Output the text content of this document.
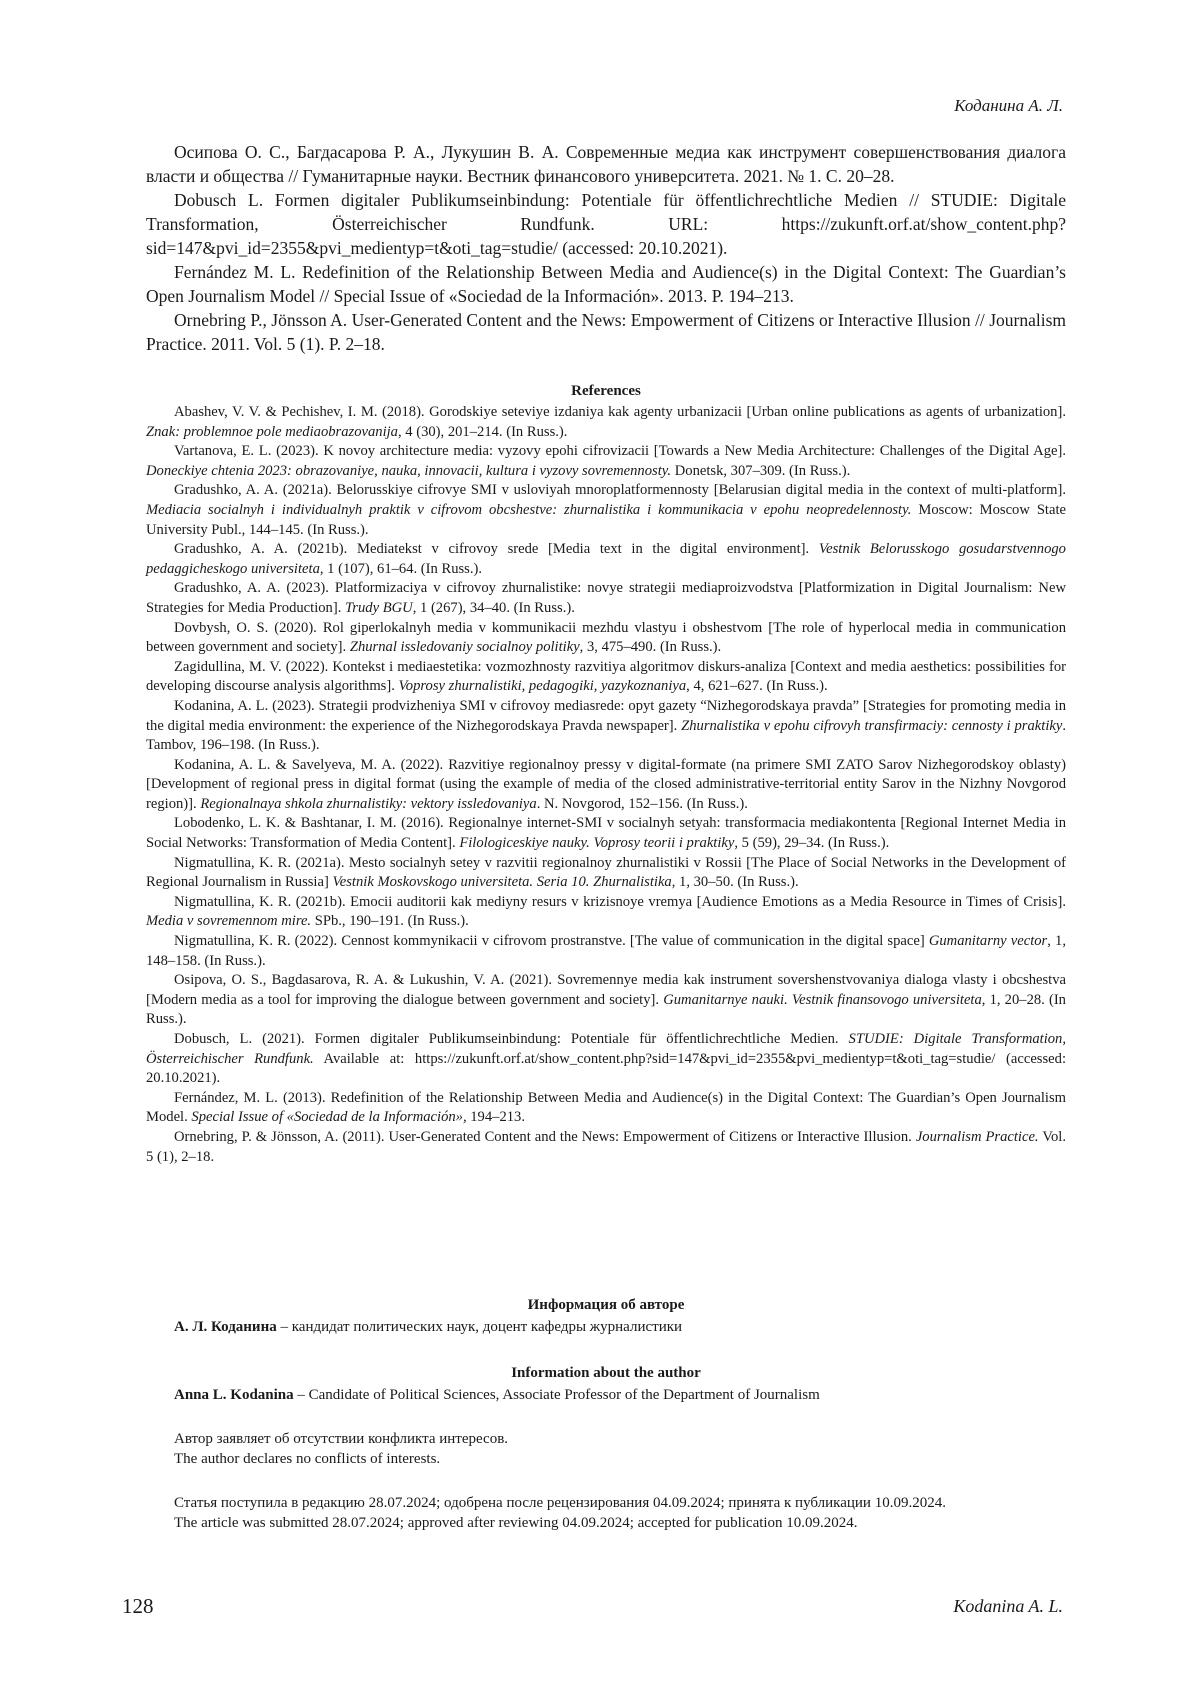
Коданина А. Л.

Осипова О. С., Багдасарова Р. А., Лукушин В. А. Современные медиа как инструмент совершенствования диалога власти и общества // Гуманитарные науки. Вестник финансового университета. 2021. № 1. С. 20–28.

Dobusch L. Formen digitaler Publikumseinbindung: Potentiale für öffentlichrechtliche Medien // STUDIE: Digitale Transformation, Österreichischer Rundfunk. URL: https://zukunft.orf.at/show_content.php?sid=147&pvi_id=2355&pvi_medientyp=t&oti_tag=studie/ (accessed: 20.10.2021).

Fernández M. L. Redefinition of the Relationship Between Media and Audience(s) in the Digital Context: The Guardian’s Open Journalism Model // Special Issue of «Sociedad de la Información». 2013. P. 194–213.

Ornebring P., Jönsson A. User-Generated Content and the News: Empowerment of Citizens or Interactive Illusion // Journalism Practice. 2011. Vol. 5 (1). P. 2–18.

References

Abashev, V. V. & Pechishev, I. M. (2018). Gorodskiye seteviye izdaniya kak agenty urbanizacii [Urban online publications as agents of urbanization]. Znak: problemnoe pole mediaobrazovanija, 4 (30), 201–214. (In Russ.).

Vartanova, E. L. (2023). K novoy architecture media: vyzovy epohi cifrovizacii [Towards a New Media Architecture: Challenges of the Digital Age]. Doneckiye chtenia 2023: obrazovaniye, nauka, innovacii, kultura i vyzovy sovremennosty. Donetsk, 307–309. (In Russ.).

Gradushko, A. A. (2021a). Belorusskiye cifrovye SMI v usloviyah mnoroplatformennosty [Belarusian digital media in the context of multi-platform]. Mediacia socialnyh i individualnyh praktik v cifrovom obcshestve: zhurnalistika i kommunikacia v epohu neopredelennosty. Moscow: Moscow State University Publ., 144–145. (In Russ.).

Gradushko, A. A. (2021b). Mediatekst v cifrovoy srede [Media text in the digital environment]. Vestnik Belorusskogo gosudarstvennogo pedaggicheskogo universiteta, 1 (107), 61–64. (In Russ.).

Gradushko, A. A. (2023). Platformizaciya v cifrovoy zhurnalistike: novye strategii mediaproizvodstva [Platformization in Digital Journalism: New Strategies for Media Production]. Trudy BGU, 1 (267), 34–40. (In Russ.).

Dovbysh, O. S. (2020). Rol giperlokalnyh media v kommunikacii mezhdu vlastyu i obshestvom [The role of hyperlocal media in communication between government and society]. Zhurnal issledovaniy socialnoy politiky, 3, 475–490. (In Russ.).

Zagidullina, M. V. (2022). Kontekst i mediaestetika: vozmozhnosty razvitiya algoritmov diskurs-analiza [Context and media aesthetics: possibilities for developing discourse analysis algorithms]. Voprosy zhurnalistiki, pedagogiki, yazykoznaniya, 4, 621–627. (In Russ.).

Kodanina, A. L. (2023). Strategii prodvizheniya SMI v cifrovoy mediasrede: opyt gazety “Nizhegorodskaya pravda” [Strategies for promoting media in the digital media environment: the experience of the Nizhegorodskaya Pravda newspaper]. Zhurnalistika v epohu cifrovyh transfirmaciy: cennosty i praktiky. Tambov, 196–198. (In Russ.).

Kodanina, A. L. & Savelyeva, M. A. (2022). Razvitiye regionalnoy pressy v digital-formate (na primere SMI ZATO Sarov Nizhegorodskoy oblasty) [Development of regional press in digital format (using the example of media of the closed administrative-territorial entity Sarov in the Nizhny Novgorod region)]. Regionalnaya shkola zhurnalistiky: vektory issledovaniya. N. Novgorod, 152–156. (In Russ.).

Lobodenko, L. K. & Bashtanar, I. M. (2016). Regionalnye internet-SMI v socialnyh setyah: transformacia mediakontenta [Regional Internet Media in Social Networks: Transformation of Media Content]. Filologiceskiye nauky. Voprosy teorii i praktiky, 5 (59), 29–34. (In Russ.).

Nigmatullina, K. R. (2021a). Mesto socialnyh setey v razvitii regionalnoy zhurnalistiki v Rossii [The Place of Social Networks in the Development of Regional Journalism in Russia] Vestnik Moskovskogo universiteta. Seria 10. Zhurnalistika, 1, 30–50. (In Russ.).

Nigmatullina, K. R. (2021b). Emocii auditorii kak mediyny resurs v krizisnoye vremya [Audience Emotions as a Media Resource in Times of Crisis]. Media v sovremennom mire. SPb., 190–191. (In Russ.).

Nigmatullina, K. R. (2022). Cennost kommynikacii v cifrovom prostranstve. [The value of communication in the digital space] Gumanitarny vector, 1, 148–158. (In Russ.).

Osipova, O. S., Bagdasarova, R. A. & Lukushin, V. A. (2021). Sovremennye media kak instrument sovershenstvovaniya dialoga vlasty i obcshestva [Modern media as a tool for improving the dialogue between government and society]. Gumanitarnye nauki. Vestnik finansovogo universiteta, 1, 20–28. (In Russ.).

Dobusch, L. (2021). Formen digitaler Publikumseinbindung: Potentiale für öffentlichrechtliche Medien. STUDIE: Digitale Transformation, Österreichischer Rundfunk. Available at: https://zukunft.orf.at/show_content.php?sid=147&pvi_id=2355&pvi_medientyp=t&oti_tag=studie/ (accessed: 20.10.2021).

Fernández, M. L. (2013). Redefinition of the Relationship Between Media and Audience(s) in the Digital Context: The Guardian’s Open Journalism Model. Special Issue of «Sociedad de la Información», 194–213.

Ornebring, P. & Jönsson, A. (2011). User-Generated Content and the News: Empowerment of Citizens or Interactive Illusion. Journalism Practice. Vol. 5 (1), 2–18.

Информация об авторе

А. Л. Коданина – кандидат политических наук, доцент кафедры журналистики

Information about the author

Anna L. Kodanina – Candidate of Political Sciences, Associate Professor of the Department of Journalism

Автор заявляет об отсутствии конфликта интересов.

The author declares no conflicts of interests.

Статья поступила в редакцию 28.07.2024; одобрена после рецензирования 04.09.2024; принята к публикации 10.09.2024.

The article was submitted 28.07.2024; approved after reviewing 04.09.2024; accepted for publication 10.09.2024.

128	Kodanina A. L.
